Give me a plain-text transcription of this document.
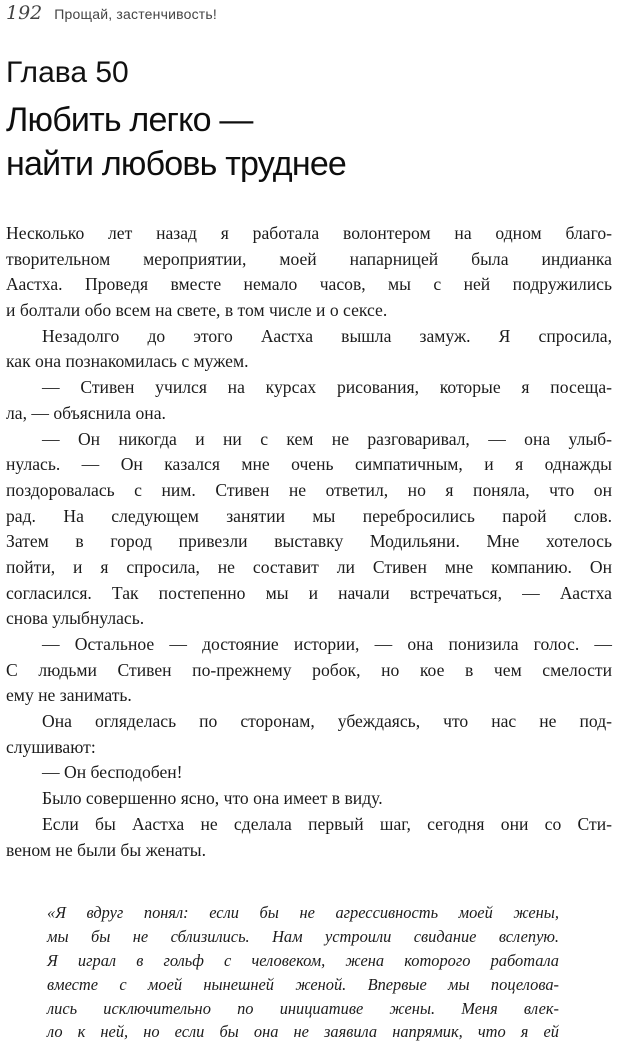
192 Прощай, застенчивость!
Глава 50
Любить легко —
найти любовь труднее
Несколько лет назад я работала волонтером на одном благо-
творительном мероприятии, моей напарницей была индианка
Аастха. Проведя вместе немало часов, мы с ней подружились
и болтали обо всем на свете, в том числе и о сексе.
Незадолго до этого Аастха вышла замуж. Я спросила,
как она познакомилась с мужем.
— Стивен учился на курсах рисования, которые я посеща-
ла, — объяснила она.
— Он никогда и ни с кем не разговаривал, — она улыб-
нулась. — Он казался мне очень симпатичным, и я однажды
поздоровалась с ним. Стивен не ответил, но я поняла, что он
рад. На следующем занятии мы перебросились парой слов.
Затем в город привезли выставку Модильяни. Мне хотелось
пойти, и я спросила, не составит ли Стивен мне компанию. Он
согласился. Так постепенно мы и начали встречаться, — Аастха
снова улыбнулась.
— Остальное — достояние истории, — она понизила голос. —
С людьми Стивен по-прежнему робок, но кое в чем смелости
ему не занимать.
Она огляделась по сторонам, убеждаясь, что нас не под-
слушивают:
— Он бесподобен!
Было совершенно ясно, что она имеет в виду.
Если бы Аастха не сделала первый шаг, сегодня они со Сти-
веном не были бы женаты.
«Я вдруг понял: если бы не агрессивность моей жены,
мы бы не сблизились. Нам устроили свидание вслепую.
Я играл в гольф с человеком, жена которого работала
вместе с моей нынешней женой. Впервые мы поцелова-
лись исключительно по инициативе жены. Меня влек-
ло к ней, но если бы она не заявила напрямик, что я ей
